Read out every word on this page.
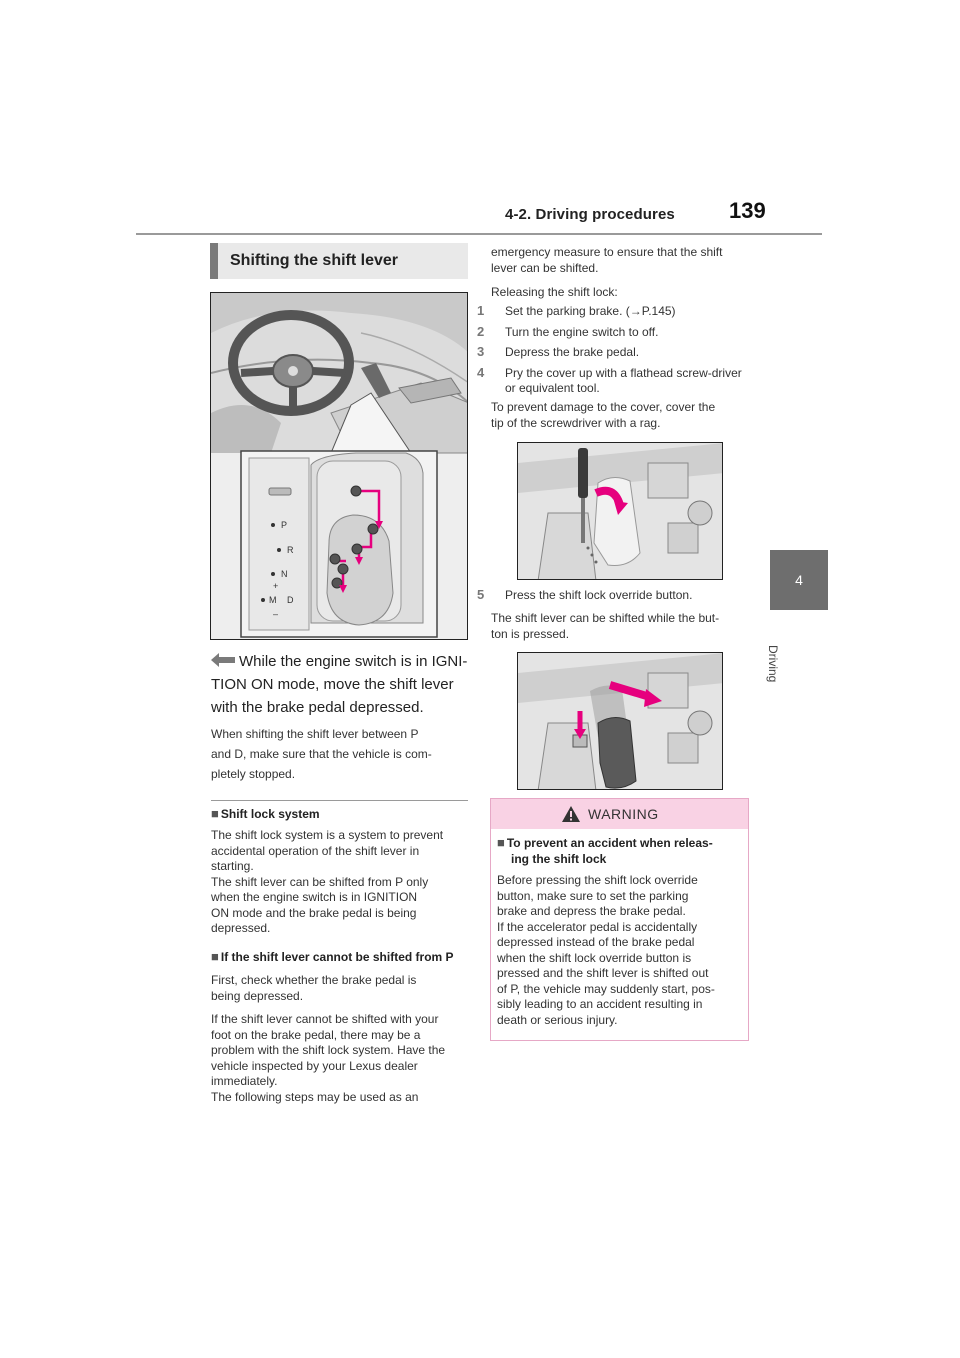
4-2. Driving procedures 139
4
Driving
Shifting the shift lever
P
R
N
+
M D
–
While the engine switch is in IGNI-
TION ON mode, move the shift lever
with the brake pedal depressed.
When shifting the shift lever between P
and D, make sure that the vehicle is com-
pletely stopped.
■ Shift lock system
The shift lock system is a system to prevent
accidental operation of the shift lever in
starting.
The shift lever can be shifted from P only
when the engine switch is in IGNITION
ON mode and the brake pedal is being
depressed.
■ If the shift lever cannot be shifted from P
First, check whether the brake pedal is
being depressed.
If the shift lever cannot be shifted with your
foot on the brake pedal, there may be a
problem with the shift lock system. Have the
vehicle inspected by your Lexus dealer
immediately.
The following steps may be used as an
emergency measure to ensure that the shift
lever can be shifted.
Releasing the shift lock:
1 Set the parking brake. (→P.145)
2 Turn the engine switch to off.
3 Depress the brake pedal.
4 Pry the cover up with a flathead screw-driver or equivalent tool.
To prevent damage to the cover, cover the
tip of the screwdriver with a rag.
5 Press the shift lock override button.
The shift lever can be shifted while the but-
ton is pressed.
WARNING
■ To prevent an accident when releas-
ing the shift lock
Before pressing the shift lock override
button, make sure to set the parking
brake and depress the brake pedal.
If the accelerator pedal is accidentally
depressed instead of the brake pedal
when the shift lock override button is
pressed and the shift lever is shifted out
of P, the vehicle may suddenly start, pos-
sibly leading to an accident resulting in
death or serious injury.
